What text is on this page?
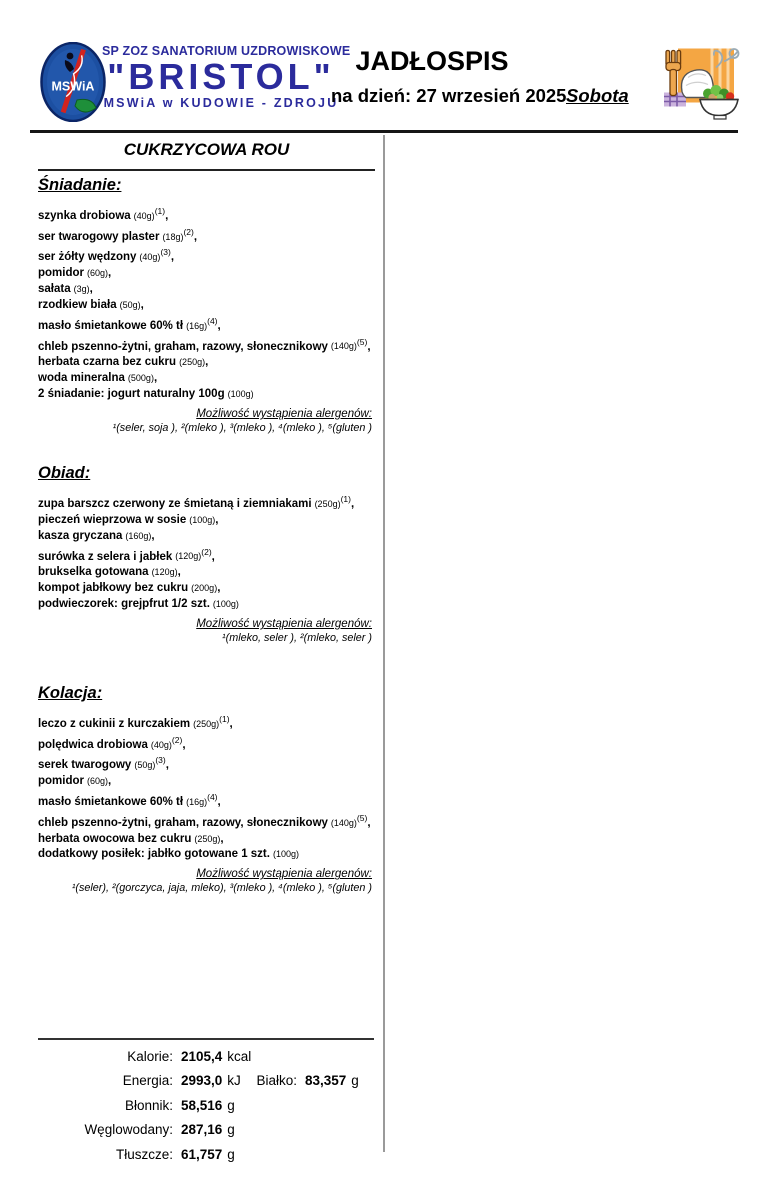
MSWiA
SP ZOZ SANATORIUM UZDROWISKOWE
"BRISTOL"
MSWiA w KUDOWIE - ZDROJU
JADŁOSPIS
na dzień: 27 wrzesień 2025 Sobota
CUKRZYCOWA ROU
Śniadanie:
szynka drobiowa $(40g)^{(1)}$,
ser twarogowy plaster $(18g)^{(2)}$,
ser żółty wędzony $(40g)^{(3)}$,
pomidor (60g),
sałata (3g),
rzodkiew biała (50g),
masło śmietankowe 60% tł $(16g)^{(4)}$,
chleb pszenno-żytni, graham, razowy, słonecznikowy $(140g)^{(5)}$,
herbata czarna bez cukru (250g),
woda mineralna (500g),
2 śniadanie: jogurt naturalny 100g (100g)
Możliwość wystąpienia alergenów:
¹(seler, soja ), ²(mleko ), ³(mleko ), ⁴(mleko ), ⁵(gluten )
Obiad:
zupa barszcz czerwony ze śmietaną i ziemniakami $(250g)^{(1)}$,
pieczeń wieprzowa w sosie (100g),
kasza gryczana (160g),
surówka z selera i jabłek $(120g)^{(2)}$,
brukselka gotowana (120g),
kompot jabłkowy bez cukru (200g),
podwieczorek: grejpfrut 1/2 szt. (100g)
Możliwość wystąpienia alergenów:
¹(mleko, seler ), ²(mleko, seler )
Kolacja:
leczo z cukinii z kurczakiem $(250g)^{(1)}$,
polędwica drobiowa $(40g)^{(2)}$,
serek twarogowy $(50g)^{(3)}$,
pomidor (60g),
masło śmietankowe 60% tł $(16g)^{(4)}$,
chleb pszenno-żytni, graham, razowy, słonecznikowy $(140g)^{(5)}$,
herbata owocowa bez cukru (250g),
dodatkowy posiłek: jabłko gotowane 1 szt. (100g)
Możliwość wystąpienia alergenów:
¹(seler), ²(gorczyca, jaja, mleko), ³(mleko ), ⁴(mleko ), ⁵(gluten )
Kalorie: 2105,4 kcal
Energia: 2993,0 kJ	Białko: 83,357 g
Błonnik: 58,516 g
Węglowodany: 287,16 g
Tłuszcze: 61,757 g
